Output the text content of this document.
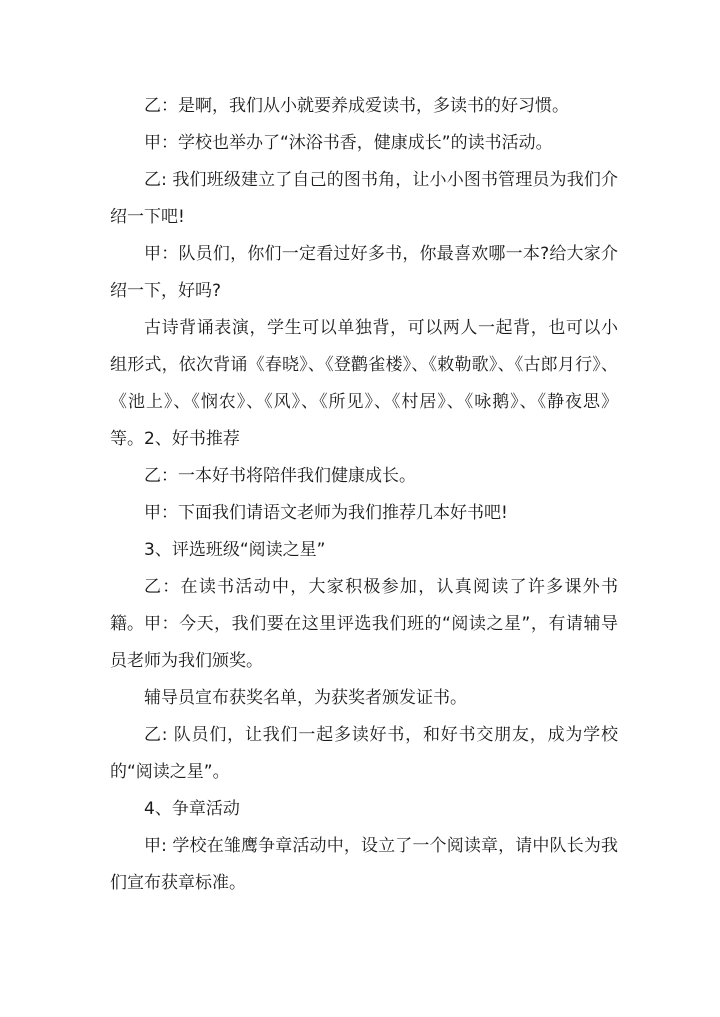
乙：是啊，我们从小就要养成爱读书，多读书的好习惯。

甲：学校也举办了“沐浴书香，健康成长”的读书活动。

乙: 我们班级建立了自己的图书角，让小小图书管理员为我们介绍一下吧!

甲：队员们，你们一定看过好多书，你最喜欢哪一本?给大家介绍一下，好吗?

古诗背诵表演，学生可以单独背，可以两人一起背，也可以小组形式，依次背诵《春晓》、《登鹳雀楼》、《敕勒歌》、《古郎月行》、《池上》、《悯农》、《风》、《所见》、《村居》、《咏鹅》、《静夜思》等。 2、好书推荐

乙：一本好书将陪伴我们健康成长。

甲：下面我们请语文老师为我们推荐几本好书吧!

3、评选班级“阅读之星”

乙：在读书活动中，大家积极参加，认真阅读了许多课外书籍。 甲：今天，我们要在这里评选我们班的“阅读之星”，有请辅导员老师为我们颁奖。

辅导员宣布获奖名单，为获奖者颁发证书。

乙: 队员们，让我们一起多读好书，和好书交朋友，成为学校的“阅读之星”。

4、争章活动

甲: 学校在雏鹰争章活动中，设立了一个阅读章，请中队长为我们宣布获章标准。
